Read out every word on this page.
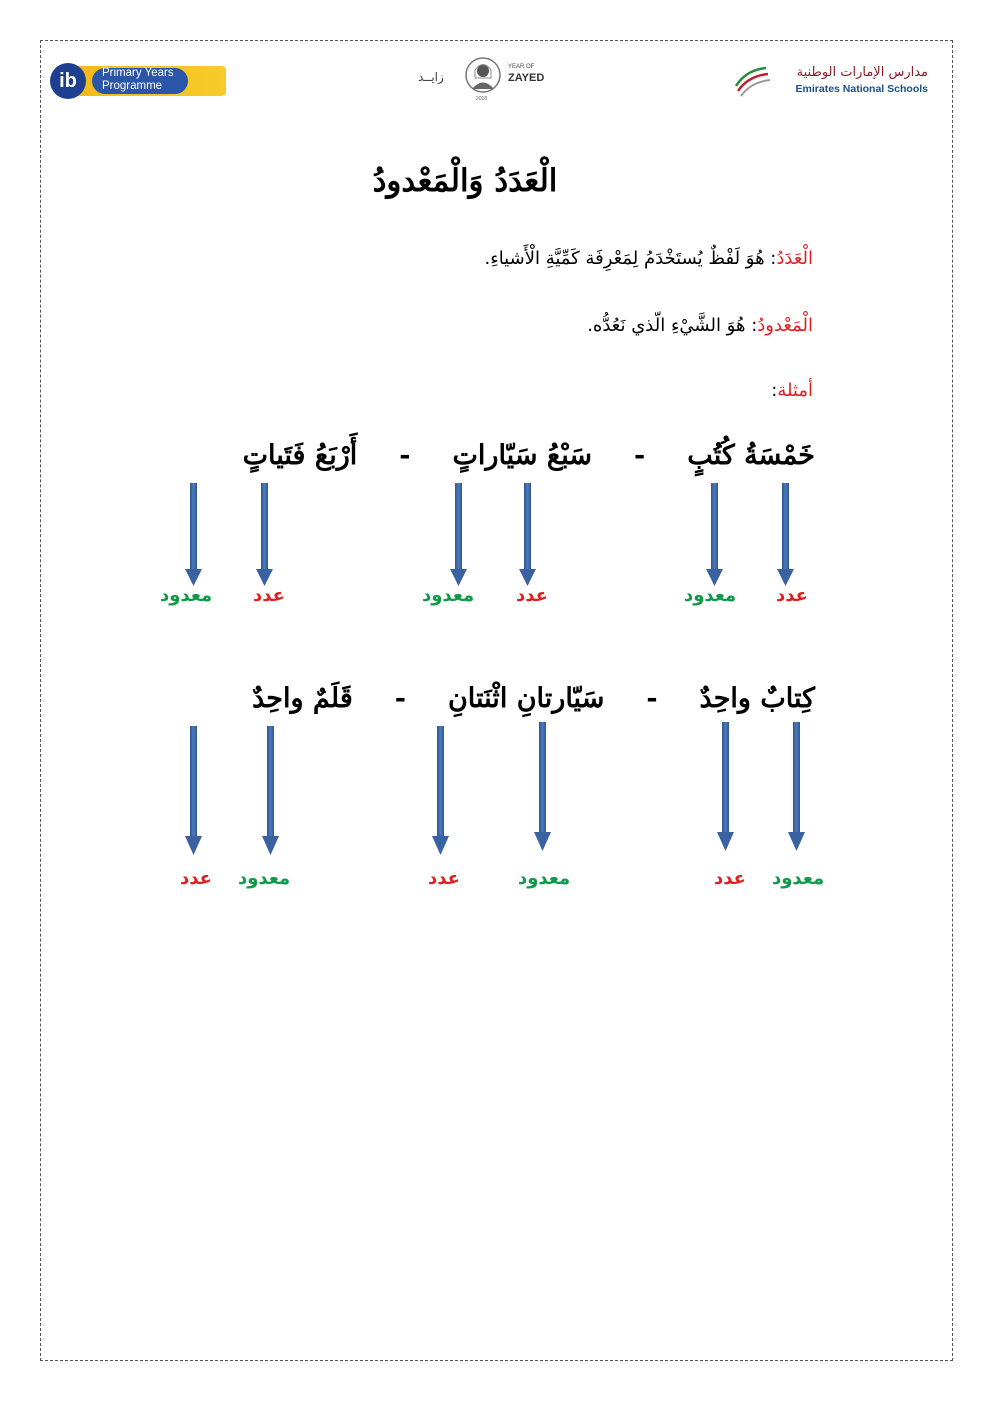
ib	Primary Years
Programme
زايــد
YEAR OF
ZAYED
2018
مدارس الإمارات الوطنية
Emirates National Schools
الْعَدَدُ وَالْمَعْدودُ
الْعَدَدُ: هُوَ لَفْظٌ يُستَخْدَمُ لِمَعْرِفَة كَمِّيَّةِ الْأَشياءِ.
الْمَعْدودُ: هُوَ الشَّيْءِ الّذي نَعُدُّه.
أمثلة:
خَمْسَةُ كُتُبٍ-سَبْعُ سَيّاراتٍ-أَرْبَعُ فَتَياتٍ
كِتابٌ واحِدٌ-سَيّارتانِ اثْنَتانِ-قَلَمٌ واحِدٌ
عدد
معدود
عدد
معدود
عدد
معدود
معدود
عدد
معدود
عدد
معدود
عدد
